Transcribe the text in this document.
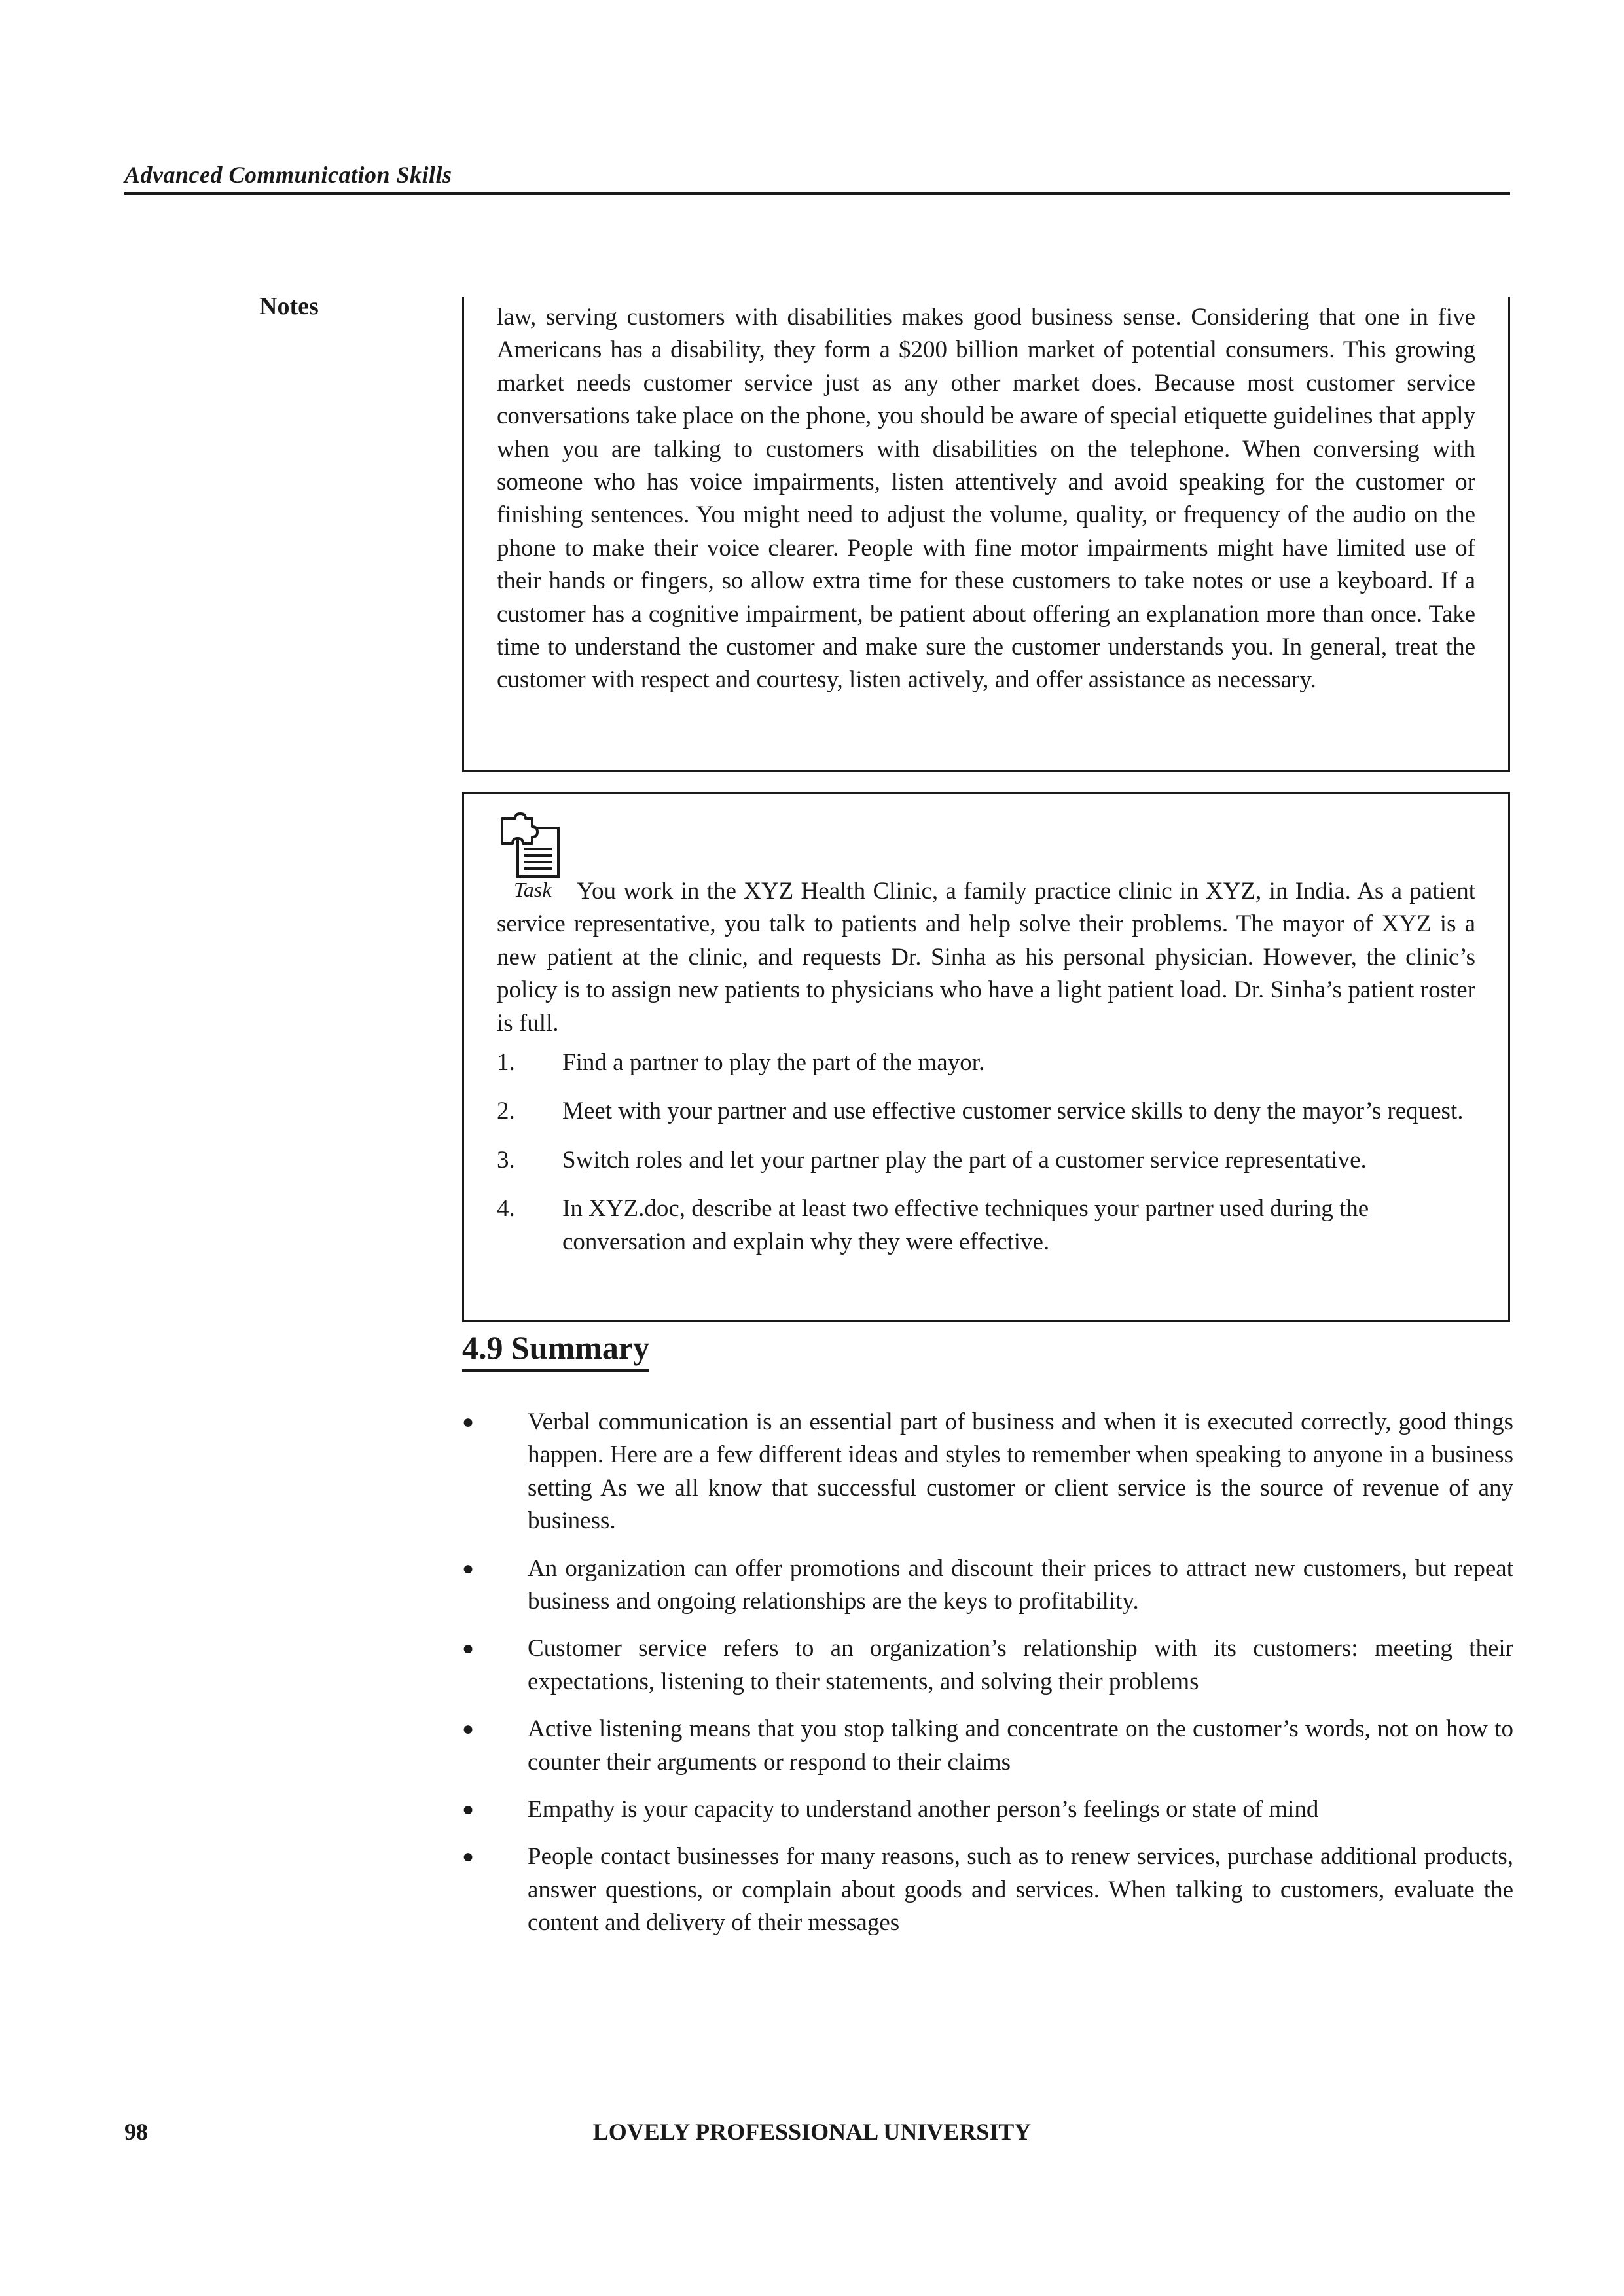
Advanced Communication Skills
Notes	law, serving customers with disabilities makes good business sense. Considering that one in five Americans has a disability, they form a $200 billion market of potential consumers. This growing market needs customer service just as any other market does. Because most customer service conversations take place on the phone, you should be aware of special etiquette guidelines that apply when you are talking to customers with disabilities on the telephone. When conversing with someone who has voice impairments, listen attentively and avoid speaking for the customer or finishing sentences. You might need to adjust the volume, quality, or frequency of the audio on the phone to make their voice clearer. People with fine motor impairments might have limited use of their hands or fingers, so allow extra time for these customers to take notes or use a keyboard. If a customer has a cognitive impairment, be patient about offering an explanation more than once. Take time to understand the customer and make sure the customer understands you. In general, treat the customer with respect and courtesy, listen actively, and offer assistance as necessary.

Task	You work in the XYZ Health Clinic, a family practice clinic in XYZ, in India. As a patient service representative, you talk to patients and help solve their problems. The mayor of XYZ is a new patient at the clinic, and requests Dr. Sinha as his personal physician. However, the clinic’s policy is to assign new patients to physicians who have a light patient load. Dr. Sinha’s patient roster is full.

1. Find a partner to play the part of the mayor.
2. Meet with your partner and use effective customer service skills to deny the mayor’s request.
3. Switch roles and let your partner play the part of a customer service representative.
4. In XYZ.doc, describe at least two effective techniques your partner used during the conversation and explain why they were effective.
4.9 Summary
● Verbal communication is an essential part of business and when it is executed correctly, good things happen. Here are a few different ideas and styles to remember when speaking to anyone in a business setting As we all know that successful customer or client service is the source of revenue of any business.
● An organization can offer promotions and discount their prices to attract new customers, but repeat business and ongoing relationships are the keys to profitability.
● Customer service refers to an organization’s relationship with its customers: meeting their expectations, listening to their statements, and solving their problems
● Active listening means that you stop talking and concentrate on the customer’s words, not on how to counter their arguments or respond to their claims
● Empathy is your capacity to understand another person’s feelings or state of mind
● People contact businesses for many reasons, such as to renew services, purchase additional products, answer questions, or complain about goods and services. When talking to customers, evaluate the content and delivery of their messages
98	LOVELY PROFESSIONAL UNIVERSITY
